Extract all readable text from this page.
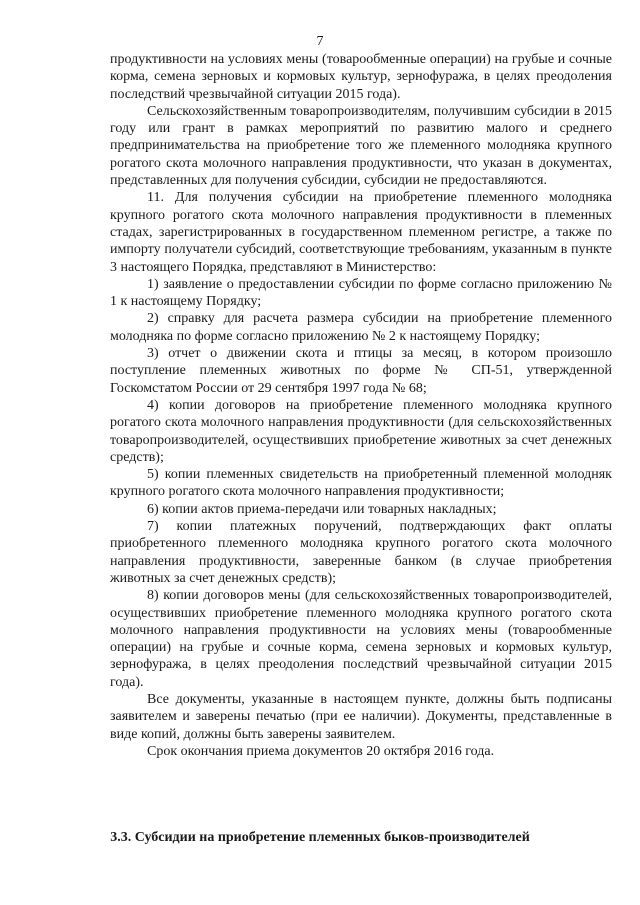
7

продуктивности на условиях мены (товарообменные операции) на грубые и сочные корма, семена зерновых и кормовых культур, зернофуража, в целях преодоления последствий чрезвычайной ситуации 2015 года).

Сельскохозяйственным товаропроизводителям, получившим субсидии в 2015 году или грант в рамках мероприятий по развитию малого и среднего предпринимательства на приобретение того же племенного молодняка крупного рогатого скота молочного направления продуктивности, что указан в документах, представленных для получения субсидии, субсидии не предоставляются.

11. Для получения субсидии на приобретение племенного молодняка крупного рогатого скота молочного направления продуктивности в племенных стадах, зарегистрированных в государственном племенном регистре, а также по импорту получатели субсидий, соответствующие требованиям, указанным в пункте 3 настоящего Порядка, представляют в Министерство:

1) заявление о предоставлении субсидии по форме согласно приложению № 1 к настоящему Порядку;

2) справку для расчета размера субсидии на приобретение племенного молодняка по форме согласно приложению № 2 к настоящему Порядку;

3) отчет о движении скота и птицы за месяц, в котором произошло поступление племенных животных по форме № СП-51, утвержденной Госкомстатом России от 29 сентября 1997 года № 68;

4) копии договоров на приобретение племенного молодняка крупного рогатого скота молочного направления продуктивности (для сельскохозяйственных товаропроизводителей, осуществивших приобретение животных за счет денежных средств);

5) копии племенных свидетельств на приобретенный племенной молодняк крупного рогатого скота молочного направления продуктивности;

6) копии актов приема-передачи или товарных накладных;

7) копии платежных поручений, подтверждающих факт оплаты приобретенного племенного молодняка крупного рогатого скота молочного направления продуктивности, заверенные банком (в случае приобретения животных за счет денежных средств);

8) копии договоров мены (для сельскохозяйственных товаропроизводителей, осуществивших приобретение племенного молодняка крупного рогатого скота молочного направления продуктивности на условиях мены (товарообменные операции) на грубые и сочные корма, семена зерновых и кормовых культур, зернофуража, в целях преодоления последствий чрезвычайной ситуации 2015 года).

Все документы, указанные в настоящем пункте, должны быть подписаны заявителем и заверены печатью (при ее наличии). Документы, представленные в виде копий, должны быть заверены заявителем.

Срок окончания приема документов 20 октября 2016 года.

3.3. Субсидии на приобретение племенных быков-производителей
